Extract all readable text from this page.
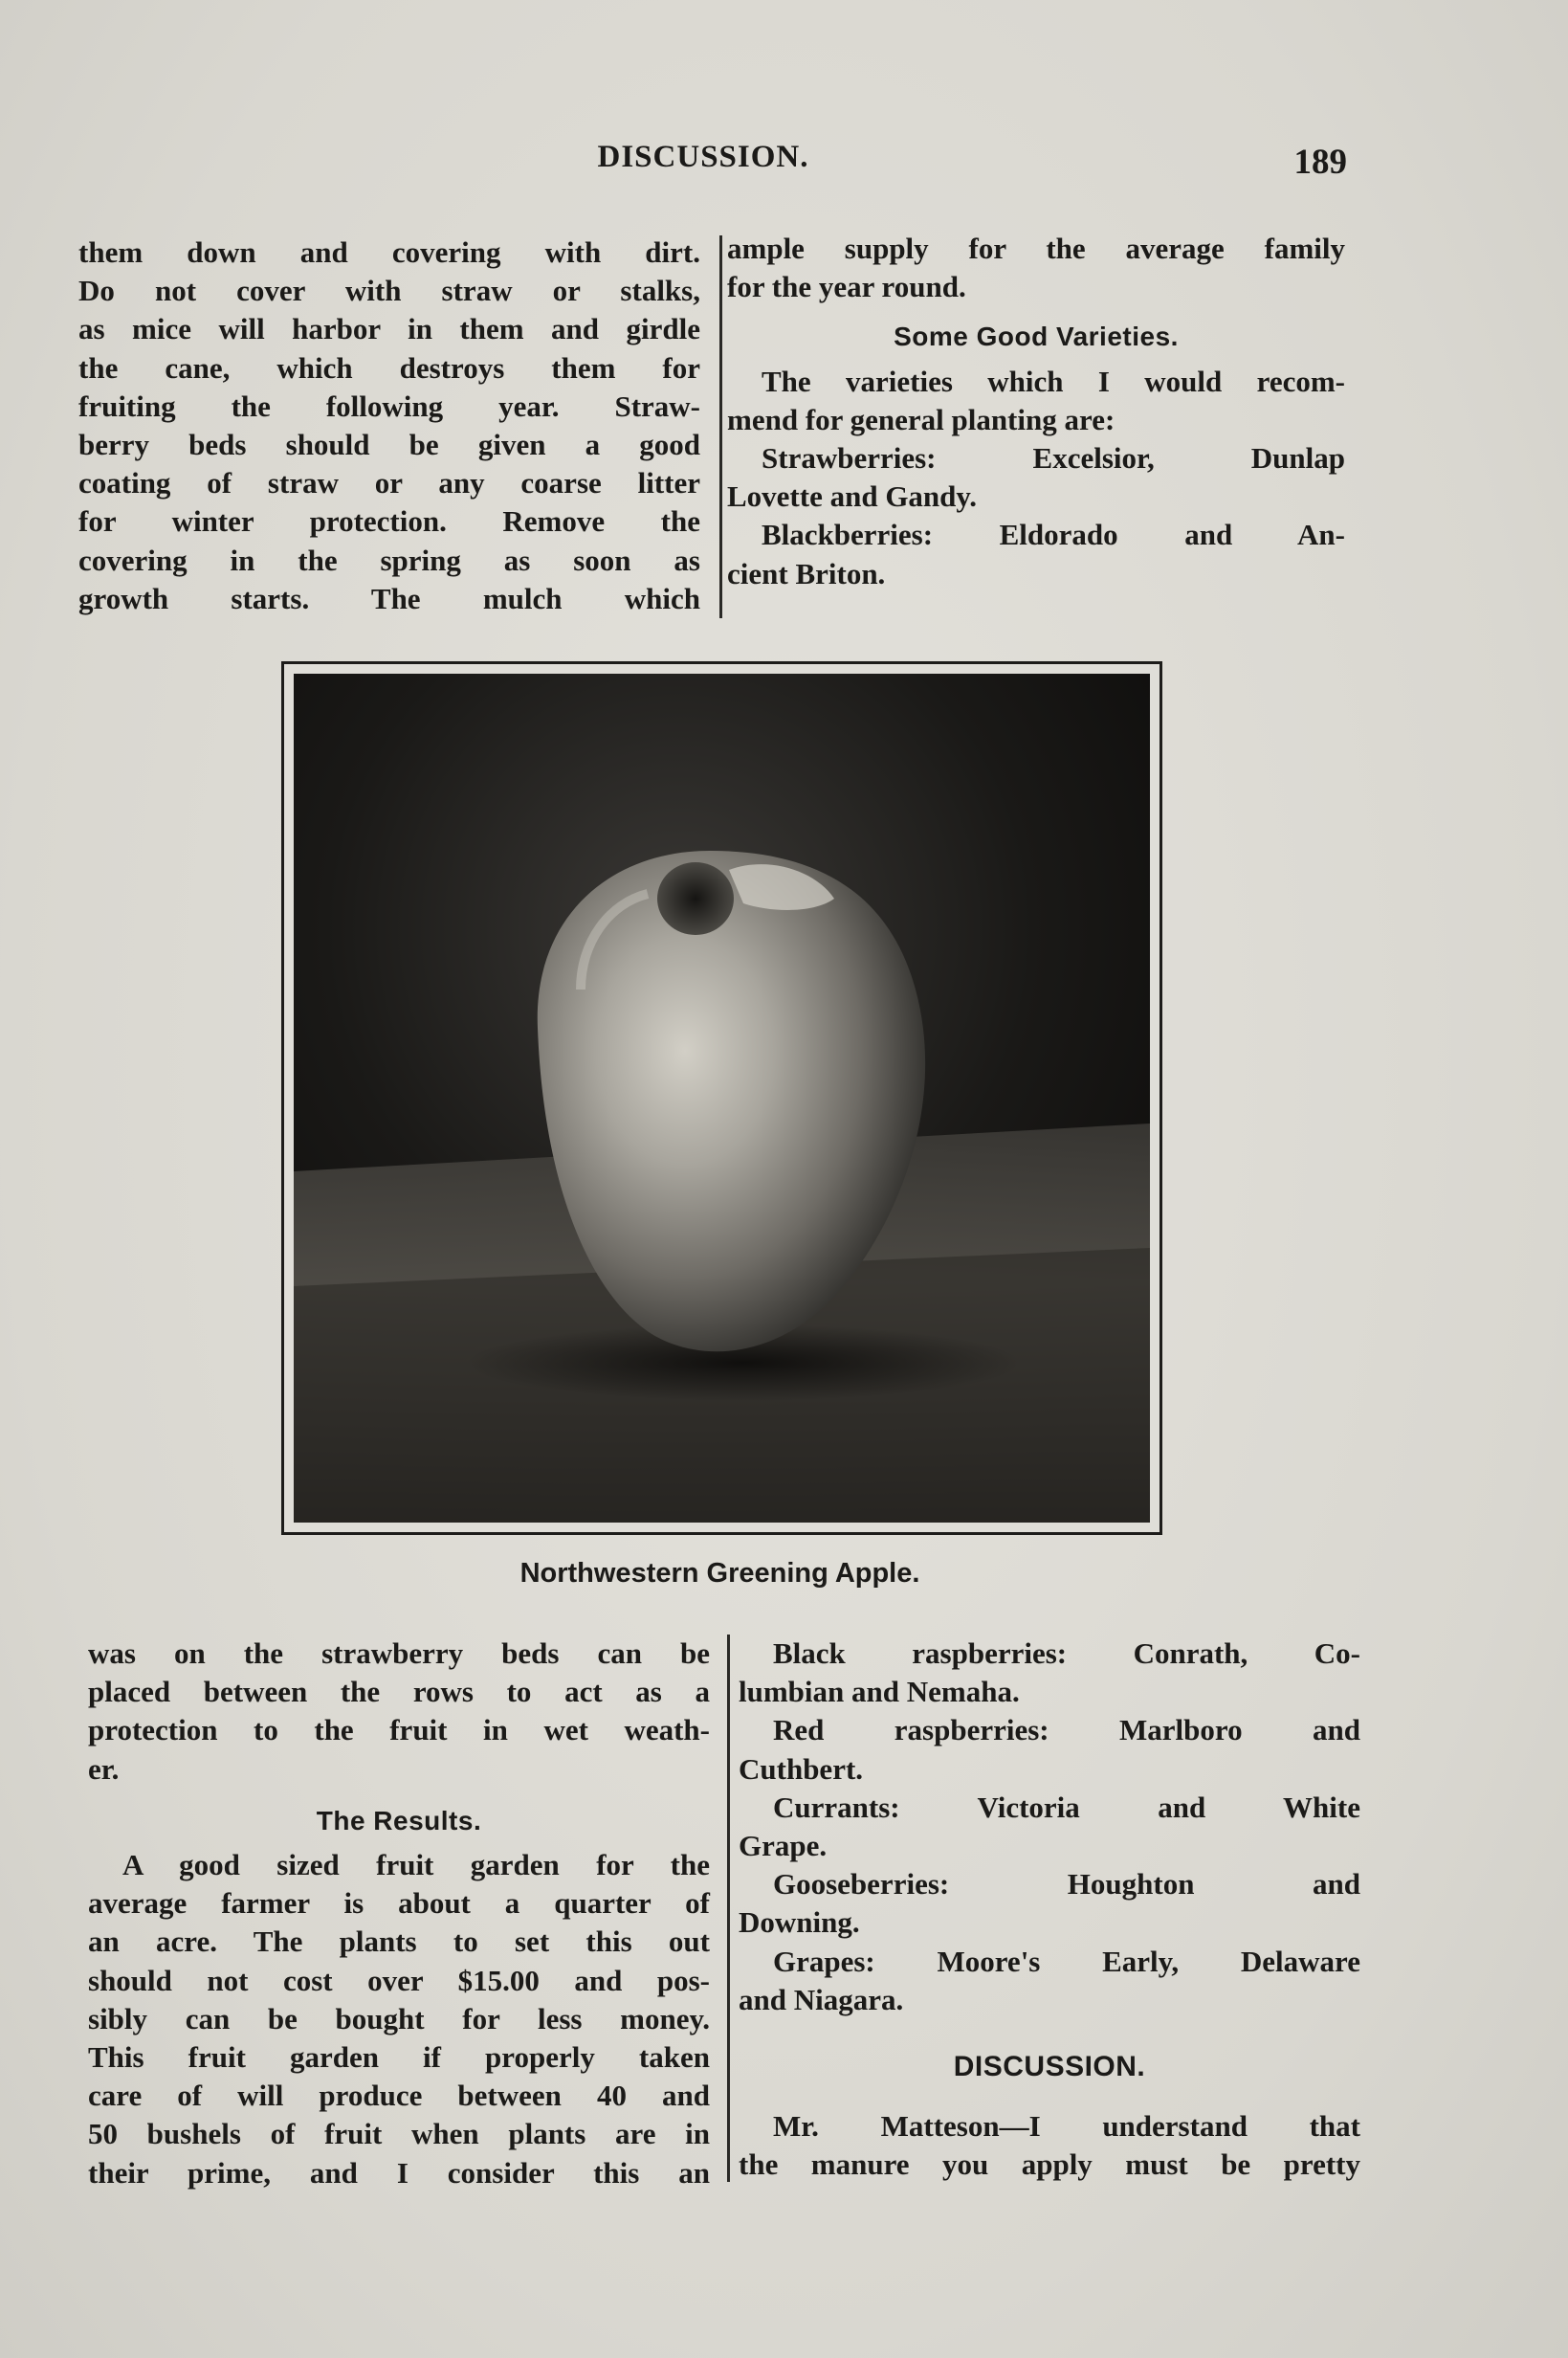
DISCUSSION.	189

them down and covering with dirt.

Do not cover with straw or stalks,

as mice will harbor in them and girdle

the cane, which destroys them for

fruiting the following year. Straw-

berry beds should be given a good

coating of straw or any coarse litter

for winter protection. Remove the

covering in the spring as soon as

growth starts. The mulch which

ample supply for the average family

for the year round.

Some Good Varieties.

The varieties which I would recom-

mend for general planting are:

Strawberries: Excelsior, Dunlap

Lovette and Gandy.

Blackberries: Eldorado and An-

cient Briton.

Northwestern Greening Apple.

was on the strawberry beds can be

placed between the rows to act as a

protection to the fruit in wet weath-

er.

The Results.

A good sized fruit garden for the

average farmer is about a quarter of

an acre. The plants to set this out

should not cost over $15.00 and pos-

sibly can be bought for less money.

This fruit garden if properly taken

care of will produce between 40 and

50 bushels of fruit when plants are in

their prime, and I consider this an

Black raspberries: Conrath, Co-

lumbian and Nemaha.

Red raspberries: Marlboro and

Cuthbert.

Currants: Victoria and White

Grape.

Gooseberries: Houghton and

Downing.

Grapes: Moore's Early, Delaware

and Niagara.

DISCUSSION.

Mr. Matteson—I understand that

the manure you apply must be pretty
